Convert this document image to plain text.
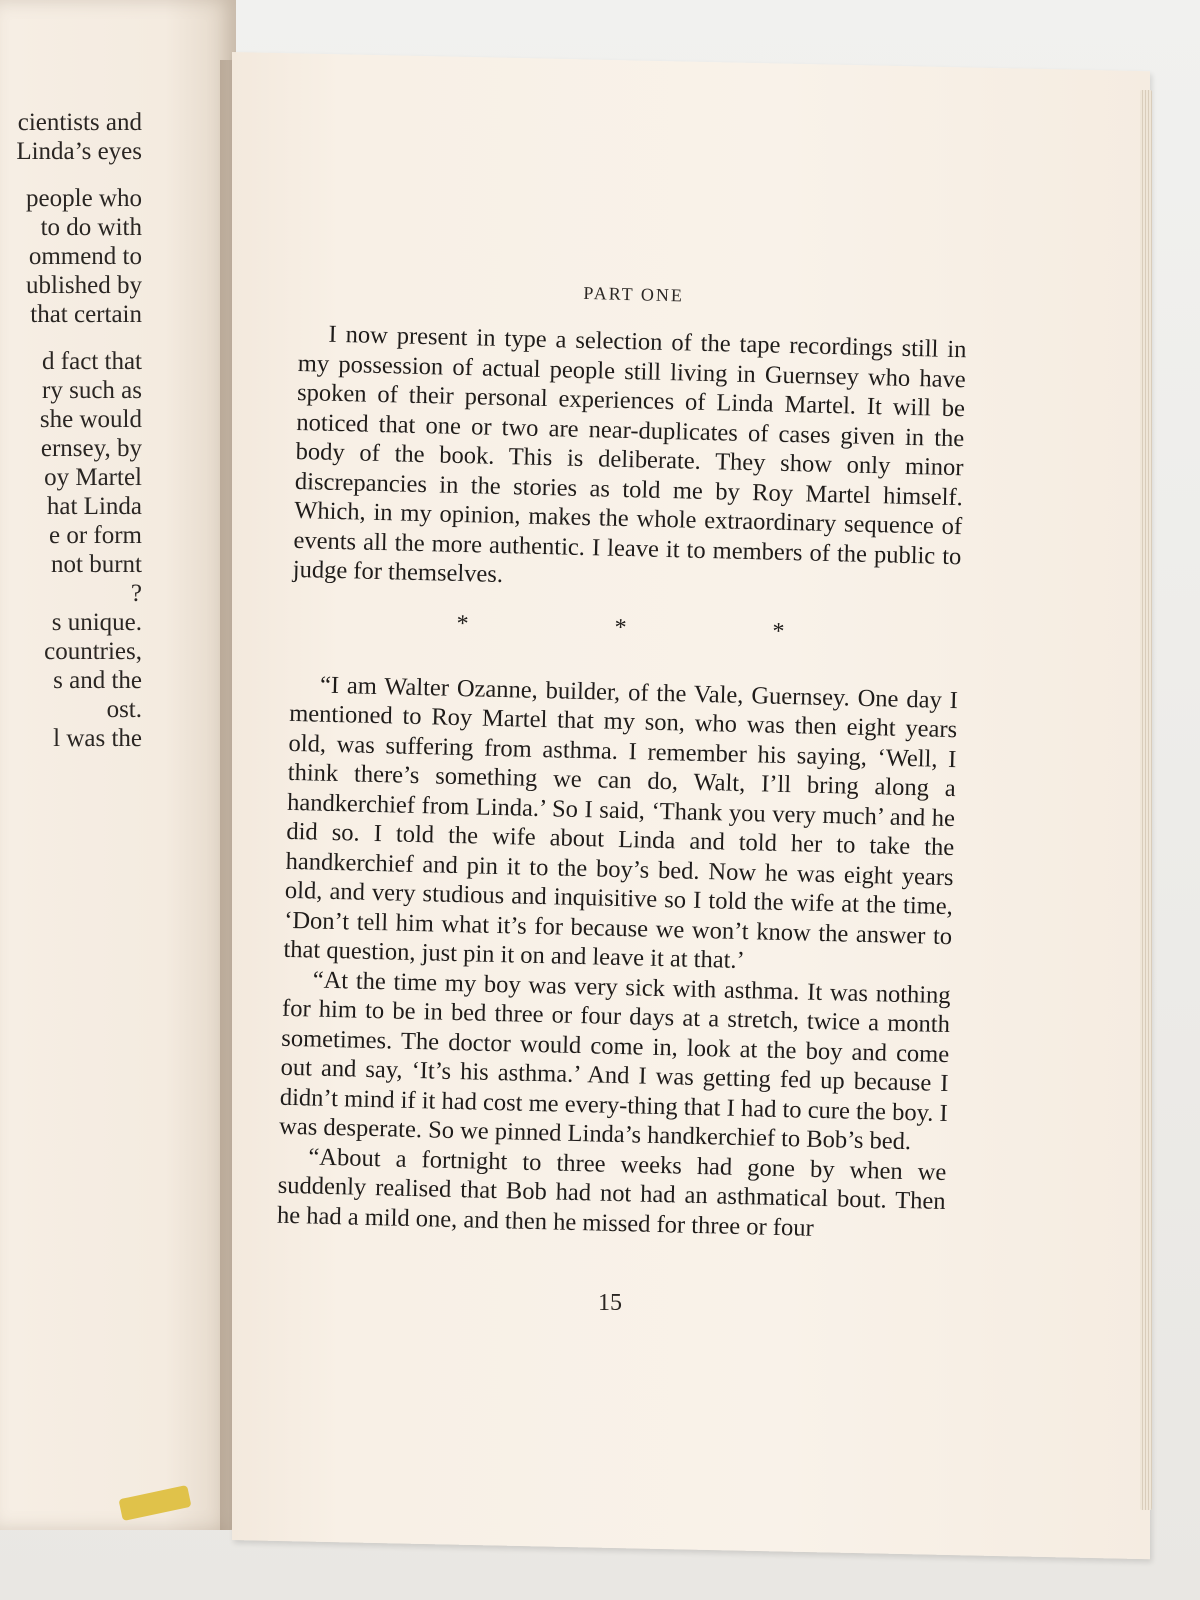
cientists and
Linda’s eyes
people who
to do with
ommend to
ublished by
that certain
d fact that
ry such as
she would
ernsey, by
oy Martel
hat Linda
e or form
not burnt
?
s unique.
countries,
s and the
ost.
l was the
PART ONE

I now present in type a selection of the tape recordings still in my possession of actual people still living in Guernsey who have spoken of their personal experiences of Linda Martel. It will be noticed that one or two are near-duplicates of cases given in the body of the book. This is deliberate. They show only minor discrepancies in the stories as told me by Roy Martel himself. Which, in my opinion, makes the whole extraordinary sequence of events all the more authentic. I leave it to members of the public to judge for themselves.

* * *

“I am Walter Ozanne, builder, of the Vale, Guernsey. One day I mentioned to Roy Martel that my son, who was then eight years old, was suffering from asthma. I remember his saying, ‘Well, I think there’s something we can do, Walt, I’ll bring along a handkerchief from Linda.’ So I said, ‘Thank you very much’ and he did so. I told the wife about Linda and told her to take the handkerchief and pin it to the boy’s bed. Now he was eight years old, and very studious and inquisitive so I told the wife at the time, ‘Don’t tell him what it’s for because we won’t know the answer to that question, just pin it on and leave it at that.’

“At the time my boy was very sick with asthma. It was nothing for him to be in bed three or four days at a stretch, twice a month sometimes. The doctor would come in, look at the boy and come out and say, ‘It’s his asthma.’ And I was getting fed up because I didn’t mind if it had cost me every-thing that I had to cure the boy. I was desperate. So we pinned Linda’s handkerchief to Bob’s bed.

“About a fortnight to three weeks had gone by when we suddenly realised that Bob had not had an asthmatical bout. Then he had a mild one, and then he missed for three or four

15
